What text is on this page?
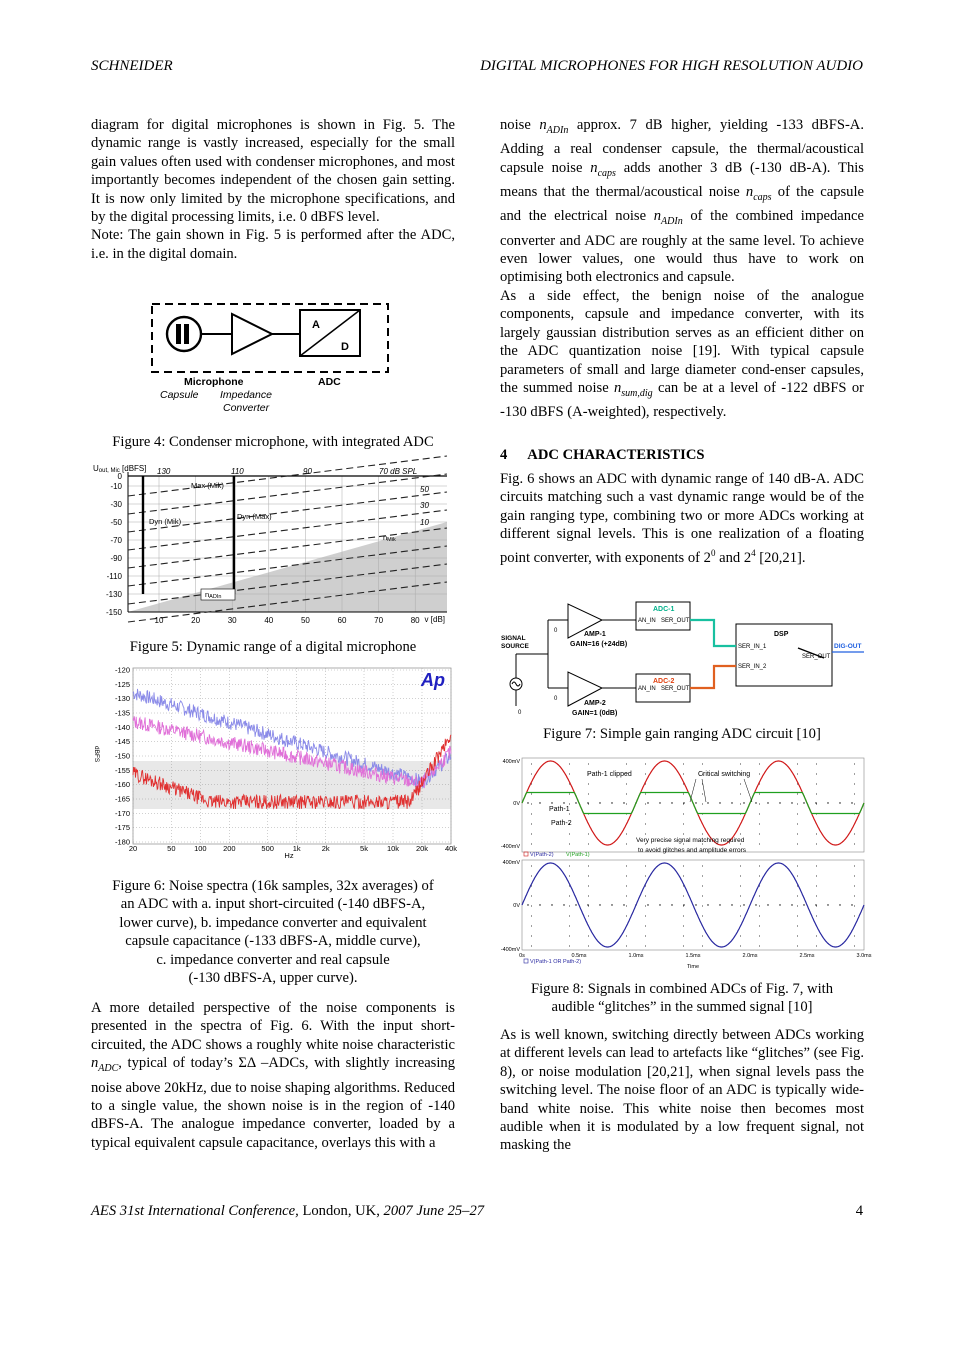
SCHNEIDER	DIGITAL MICROPHONES FOR HIGH RESOLUTION AUDIO

diagram for digital microphones is shown in Fig. 5. The dynamic range is vastly increased, especially for the small gain values often used with condenser microphones, and most importantly becomes independent of the chosen gain setting. It is now only limited by the microphone specifications, and by the digital processing limits, i.e. 0 dBFS level.

Note: The gain shown in Fig. 5 is performed after the ADC, i.e. in the digital domain.

A
D
Microphone	ADC
Capsule Impedance
Converter
Figure 4: Condenser microphone, with integrated ADC
Uout, Mic [dBFS]
0
-10
-30
-50
-70
-90
-110
-130
-150
10	20	30	40	50	60	70	80 v [dB]
130	110	90	70 dB SPL
50
30
10
Max (Mik)
Dyn (Mik)
Dyn (Max)
nMik
nADIn
Figure 5: Dynamic range of a digital microphone
-120
-125
-130
-135
-140
-145
-150
-155
-160
-165
-170
-175
-180
20	50 100 200	500	1k	2k	5k	10k 20k 40k
Hz
dBFS
Ap
Figure 6: Noise spectra (16k samples, 32x averages) of
an ADC with a. input short-circuited (-140 dBFS-A,
lower curve), b. impedance converter and equivalent
capsule capacitance (-133 dBFS-A, middle curve),
c. impedance converter and real capsule
(-130 dBFS-A, upper curve).

A more detailed perspective of the noise components is presented in the spectra of Fig. 6. With the input short-circuited, the ADC shows a roughly white noise characteristic $n_{ADC}$, typical of today’s ΣΔ –ADCs, with slightly increasing noise above 20kHz, due to noise shaping algorithms. Reduced to a single value, the shown noise is in the region of -140 dBFS-A. The analogue impedance converter, loaded by a typical equivalent capsule capacitance, overlays this with a

noise $n_{ADIn}$ approx. 7 dB higher, yielding -133 dBFS-A. Adding a real condenser capsule, the thermal/acoustical capsule noise $n_{caps}$ adds another 3 dB (-130 dB-A). This means that the thermal/acoustical noise $n_{caps}$ of the capsule and the electrical noise $n_{ADIn}$ of the combined impedance converter and ADC are roughly at the same level. To achieve even lower values, one would thus have to work on optimising both electronics and capsule.

As a side effect, the benign noise of the analogue components, capsule and impedance converter, with its largely gaussian distribution serves as an efficient dither on the ADC quantization noise [19]. With typical capsule parameters of small and large diameter cond-enser capsules, the summed noise $n_{sum,dig}$ can be at a level of -122 dBFS or -130 dBFS (A-weighted), respectively.

4 ADC CHARACTERISTICS

Fig. 6 shows an ADC with dynamic range of 140 dB-A. ADC circuits matching such a vast dynamic range would be of the gain ranging type, combining two or more ADCs working at different signal levels. This is one realization of a floating point converter, with exponents of $2^0$ and $2^4$ [20,21].

SIGNAL SOURCE
0
0
0
AMP-1
GAIN=16 (+24dB)
AMP-2
GAIN=1 (0dB)
ADC-1
AN_IN SER_OUT
ADC-2
AN_IN SER_OUT
DSP
SER_IN_1
SER_IN_2
SER_OUT
DIG-OUT
Figure 7: Simple gain ranging ADC circuit [10]
400mV
0V
-400mV
400mV
0V
-400mV
0s	0.5ms	1.0ms	1.5ms	2.0ms	2.5ms	3.0ms
Time
Path-1 clipped	Critical switching
Path-1
Path-2
Very precise signal matching required
to avoid glitches and amplitude errors
V(Path-2) V(Path-1)
V(Path-1 OR Path-2)
Figure 8: Signals in combined ADCs of Fig. 7, with
audible “glitches” in the summed signal [10]

As is well known, switching directly between ADCs working at different levels can lead to artefacts like “glitches” (see Fig. 8), or noise modulation [20,21], when signal levels pass the switching level. The noise floor of an ADC is typically wide-band white noise. This white noise then becomes most audible when it is modulated by a low frequent signal, not masking the

AES 31st International Conference, London, UK, 2007 June 25–27	4
